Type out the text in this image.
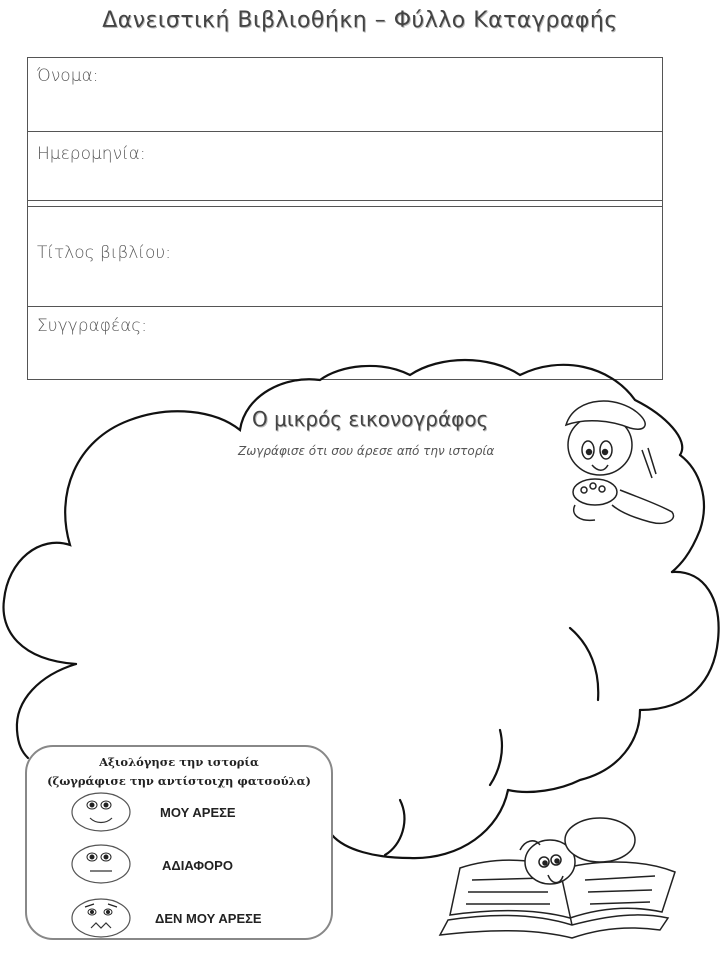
Δανειστική Βιβλιοθήκη – Φύλλο Καταγραφής
Όνομα:
Ημερομηνία:
Τίτλος βιβλίου:
Συγγραφέας:
Ο μικρός εικονογράφος
Ζωγράφισε ότι σου άρεσε από την ιστορία
Αξιολόγησε την ιστορία
(ζωγράφισε την αντίστοιχη φατσούλα)
ΜΟΥ ΑΡΕΣΕ
ΑΔΙΑΦΟΡΟ
ΔΕΝ ΜΟΥ ΑΡΕΣΕ
